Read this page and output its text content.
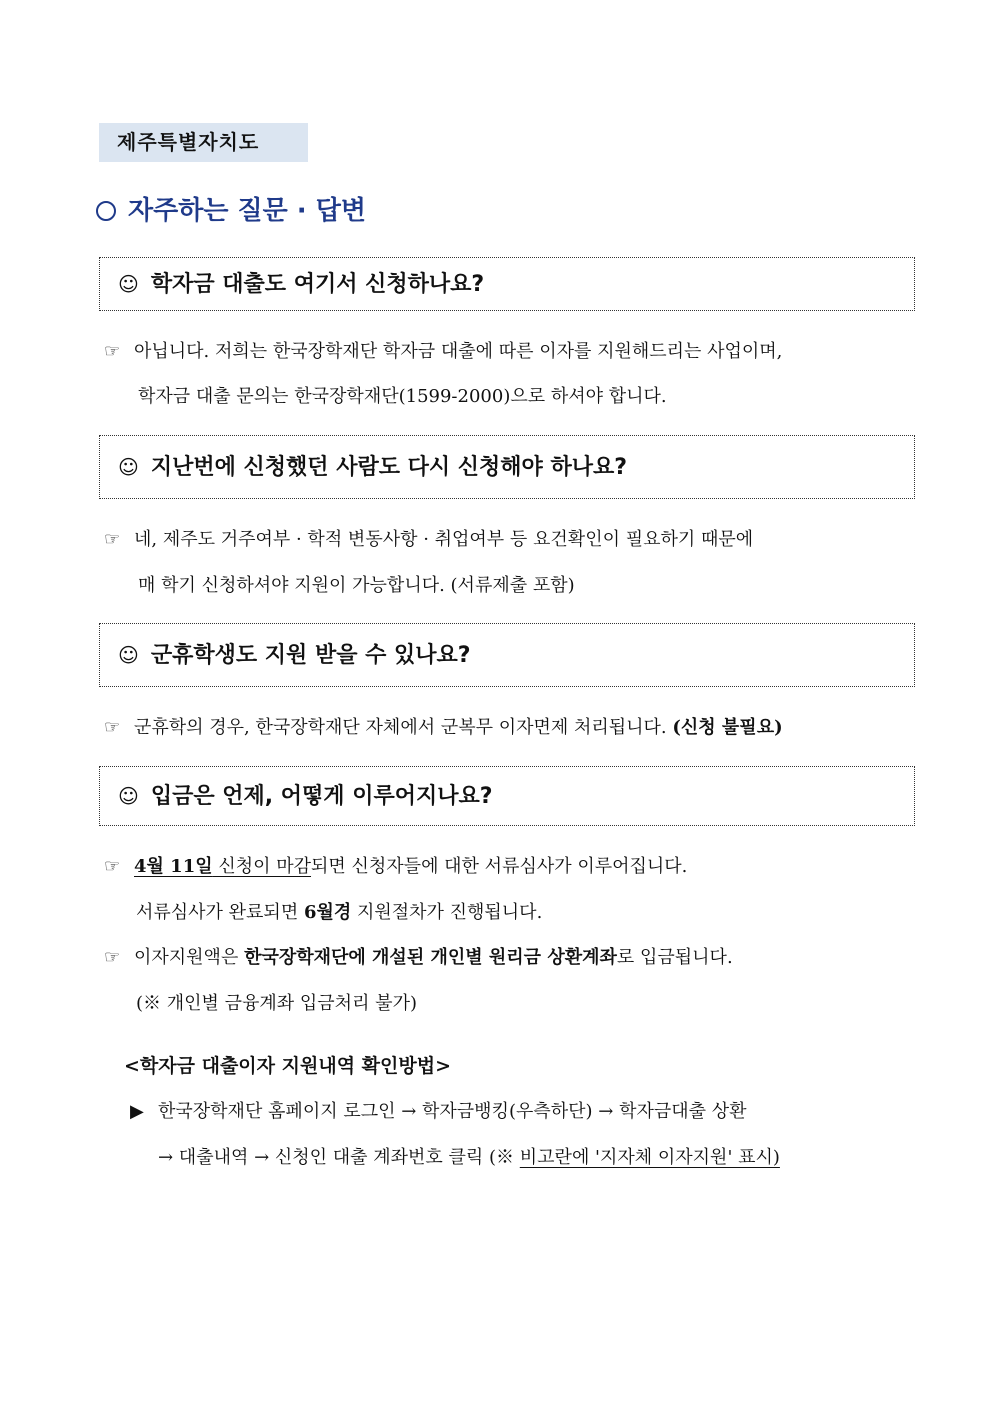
제주특별자치도
자주하는 질문 · 답변
☺ 학자금 대출도 여기서 신청하나요?
☞ 아닙니다. 저희는 한국장학재단 학자금 대출에 따른 이자를 지원해드리는 사업이며,
학자금 대출 문의는 한국장학재단(1599-2000)으로 하셔야 합니다.
☺ 지난번에 신청했던 사람도 다시 신청해야 하나요?
☞ 네, 제주도 거주여부 · 학적 변동사항 · 취업여부 등 요건확인이 필요하기 때문에
매 학기 신청하셔야 지원이 가능합니다. (서류제출 포함)
☺ 군휴학생도 지원 받을 수 있나요?
☞ 군휴학의 경우, 한국장학재단 자체에서 군복무 이자면제 처리됩니다. (신청 불필요)
☺ 입금은 언제, 어떻게 이루어지나요?
☞ 4월 11일 신청이 마감되면 신청자들에 대한 서류심사가 이루어집니다.
서류심사가 완료되면 6월경 지원절차가 진행됩니다.
☞ 이자지원액은 한국장학재단에 개설된 개인별 원리금 상환계좌로 입금됩니다.
(※ 개인별 금융계좌 입금처리 불가)
<학자금 대출이자 지원내역 확인방법>
▶ 한국장학재단 홈페이지 로그인 → 학자금뱅킹(우측하단) → 학자금대출 상환
→ 대출내역 → 신청인 대출 계좌번호 클릭 (※ 비고란에 '지자체 이자지원' 표시)
